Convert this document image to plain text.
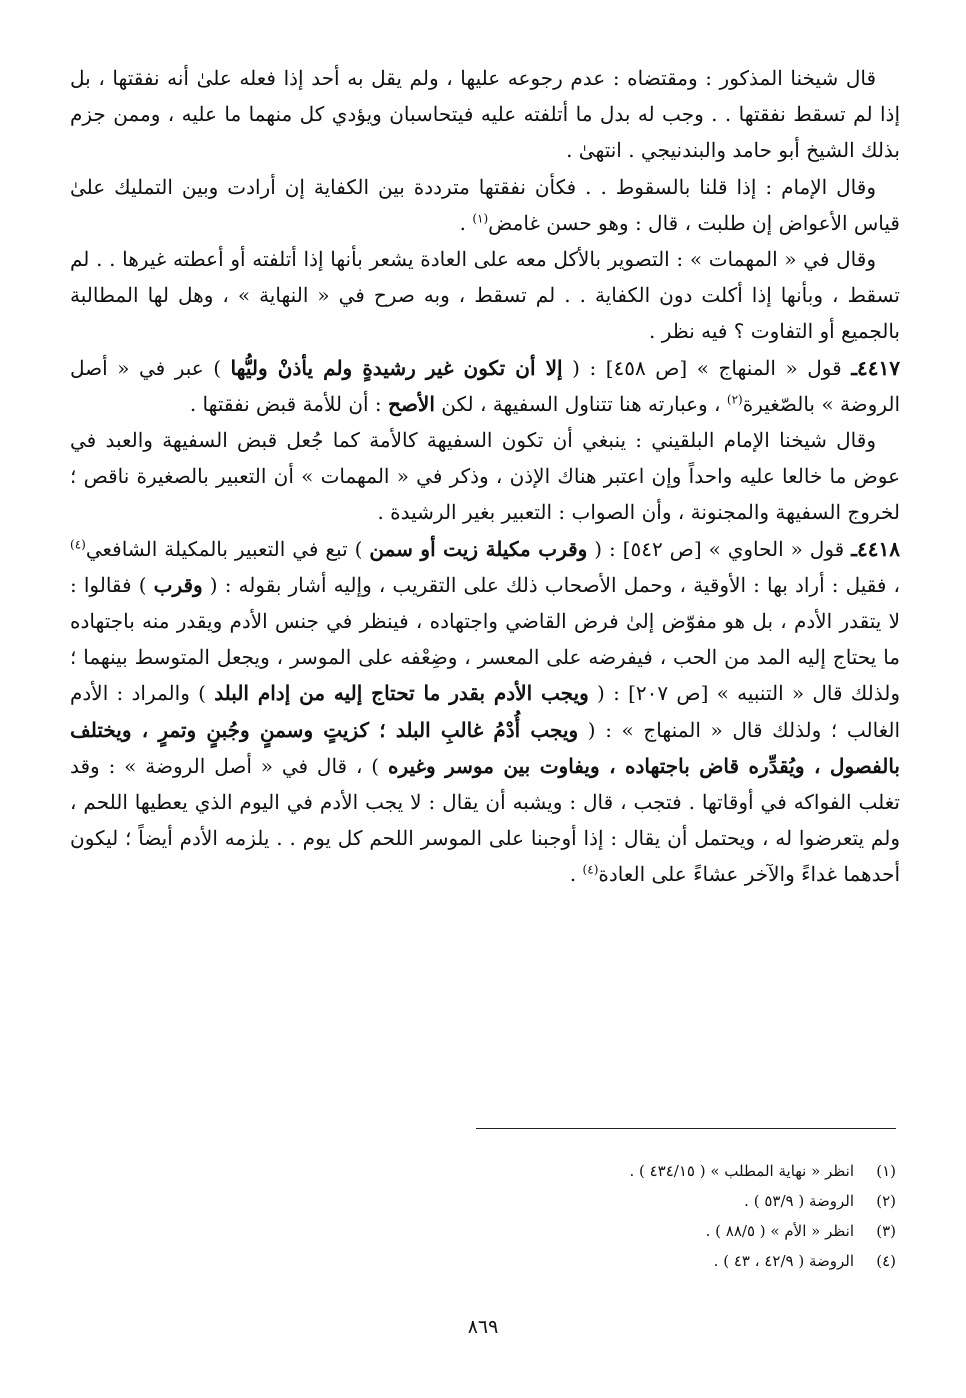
قال شيخنا المذكور : ومقتضاه : عدم رجوعه عليها ، ولم يقل به أحد إذا فعله علىٰ أنه نفقتها ، بل إذا لم تسقط نفقتها . . وجب له بدل ما أتلفته عليه فيتحاسبان ويؤدي كل منهما ما عليه ، وممن جزم بذلك الشيخ أبو حامد والبندنيجي . انتهىٰ .

وقال الإمام : إذا قلنا بالسقوط . . فكأن نفقتها مترددة بين الكفاية إن أرادت وبين التمليك علىٰ قياس الأعواض إن طلبت ، قال : وهو حسن غامض$^{(١)}$ .

وقال في « المهمات » : التصوير بالأكل معه على العادة يشعر بأنها إذا أتلفته أو أعطته غيرها . . لم تسقط ، وبأنها إذا أكلت دون الكفاية . . لم تسقط ، وبه صرح في « النهاية » ، وهل لها المطالبة بالجميع أو التفاوت ؟ فيه نظر .

٤٤١٧ـ قول « المنهاج » [ص ٤٥٨] : ( إلا أن تكون غير رشيدةٍ ولم يأذنْ وليُّها ) عبر في « أصل الروضة » بالصّغيرة$^{(٢)}$ ، وعبارته هنا تتناول السفيهة ، لكن الأصح : أن للأمة قبض نفقتها .

وقال شيخنا الإمام البلقيني : ينبغي أن تكون السفيهة كالأمة كما جُعل قبض السفيهة والعبد في عوض ما خالعا عليه واحداً وإن اعتبر هناك الإذن ، وذكر في « المهمات » أن التعبير بالصغيرة ناقص ؛ لخروج السفيهة والمجنونة ، وأن الصواب : التعبير بغير الرشيدة .

٤٤١٨ـ قول « الحاوي » [ص ٥٤٢] : ( وقرب مكيلة زيت أو سمن ) تبع في التعبير بالمكيلة الشافعي$^{(٤)}$ ، فقيل : أراد بها : الأوقية ، وحمل الأصحاب ذلك على التقريب ، وإليه أشار بقوله : ( وقرب ) فقالوا : لا يتقدر الأدم ، بل هو مفوّض إلىٰ فرض القاضي واجتهاده ، فينظر في جنس الأدم ويقدر منه باجتهاده ما يحتاج إليه المد من الحب ، فيفرضه على المعسر ، وضِعْفه على الموسر ، ويجعل المتوسط بينهما ؛ ولذلك قال « التنبيه » [ص ٢٠٧] : ( ويجب الأدم بقدر ما تحتاج إليه من إدام البلد ) والمراد : الأدم الغالب ؛ ولذلك قال « المنهاج » : ( ويجب أُدْمُ غالبِ البلد ؛ كزيتٍ وسمنٍ وجُبنٍ وتمرٍ ، ويختلف بالفصول ، ويُقدِّره قاض باجتهاده ، ويفاوت بين موسر وغيره ) ، قال في « أصل الروضة » : وقد تغلب الفواكه في أوقاتها . فتجب ، قال : ويشبه أن يقال : لا يجب الأدم في اليوم الذي يعطيها اللحم ، ولم يتعرضوا له ، ويحتمل أن يقال : إذا أوجبنا على الموسر اللحم كل يوم . . يلزمه الأدم أيضاً ؛ ليكون أحدهما غداءً والآخر عشاءً على العادة$^{(٤)}$ .

(١)انظر « نهاية المطلب » ( ٤٣٤/١٥ ) .
(٢)الروضة ( ٥٣/٩ ) .
(٣)انظر « الأم » ( ٨٨/٥ ) .
(٤)الروضة ( ٤٢/٩ ، ٤٣ ) .
٨٦٩
